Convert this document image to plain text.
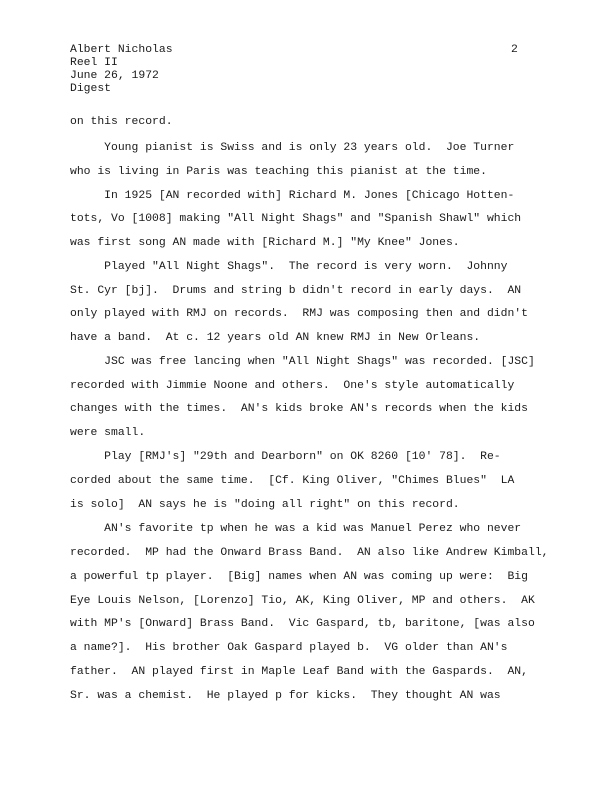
Albert Nicholas
Reel II
June 26, 1972
Digest
2
on this record.
Young pianist is Swiss and is only 23 years old.  Joe Turner
who is living in Paris was teaching this pianist at the time.
In 1925 [AN recorded with] Richard M. Jones [Chicago Hotten-
tots, Vo [1008] making "All Night Shags" and "Spanish Shawl" which
was first song AN made with [Richard M.] "My Knee" Jones.
Played "All Night Shags".  The record is very worn.  Johnny
St. Cyr [bj].  Drums and string b didn't record in early days.  AN
only played with RMJ on records.  RMJ was composing then and didn't
have a band.  At c. 12 years old AN knew RMJ in New Orleans.
JSC was free lancing when "All Night Shags" was recorded. [JSC]
recorded with Jimmie Noone and others.  One's style automatically
changes with the times.  AN's kids broke AN's records when the kids
were small.
Play [RMJ's] "29th and Dearborn" on OK 8260 [10' 78].  Re-
corded about the same time.  [Cf. King Oliver, "Chimes Blues"  LA
is solo]  AN says he is "doing all right" on this record.
AN's favorite tp when he was a kid was Manuel Perez who never
recorded.  MP had the Onward Brass Band.  AN also like Andrew Kimball,
a powerful tp player.  [Big] names when AN was coming up were:  Big
Eye Louis Nelson, [Lorenzo] Tio, AK, King Oliver, MP and others.  AK
with MP's [Onward] Brass Band.  Vic Gaspard, tb, baritone, [was also
a name?].  His brother Oak Gaspard played b.  VG older than AN's
father.  AN played first in Maple Leaf Band with the Gaspards.  AN,
Sr. was a chemist.  He played p for kicks.  They thought AN was
